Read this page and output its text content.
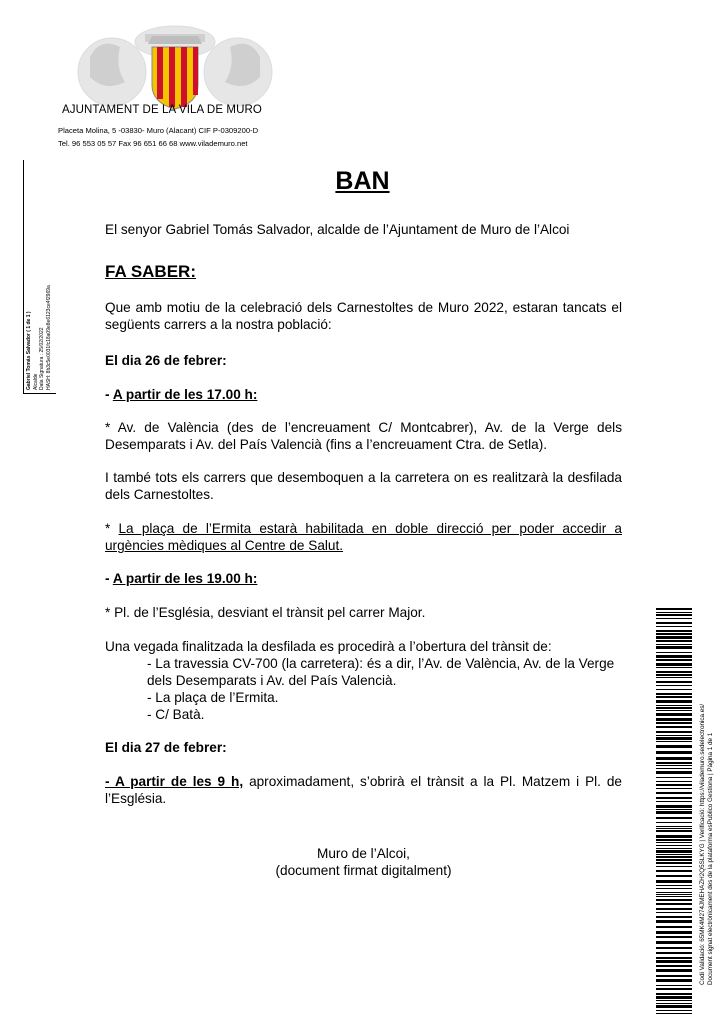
AJUNTAMENT DE LA VILA DE MURO
Placeta Molina, 5 -03830- Muro (Alacant) CIF P-0309200-D
Tel. 96 553 05 57 Fax 96 651 66 68 www.vilademuro.net
Gabriel Tomás Salvador ( 1 de 1 ) Alcalde Data Signatura : 25/02/2022 HASH: 8b3c5e0031fc18a09e8e6123ce4f2969a
BAN
El senyor Gabriel Tomás Salvador, alcalde de l’Ajuntament de Muro de l’Alcoi
FA SABER:
Que amb motiu de la celebració dels Carnestoltes de Muro 2022, estaran tancats el següents carrers a la nostra població:
El dia 26 de febrer:
- A partir de les 17.00 h:
* Av. de València (des de l’encreuament C/ Montcabrer), Av. de la Verge dels Desemparats i Av. del País Valencià (fins a l’encreuament Ctra. de Setla).
I també tots els carrers que desemboquen a la carretera on es realitzarà la desfilada dels Carnestoltes.
* La plaça de l’Ermita estarà habilitada en doble direcció per poder accedir a urgències mèdiques al Centre de Salut.
- A partir de les 19.00 h:
* Pl. de l’Església, desviant el trànsit pel carrer Major.
Una vegada finalitzada la desfilada es procedirà a l’obertura del trànsit de:
- La travessia CV-700 (la carretera): és a dir, l’Av. de València, Av. de la Verge dels Desemparats i Av. del País Valencià.
- La plaça de l’Ermita.
- C/ Batà.
El dia 27 de febrer:
- A partir de les 9 h, aproximadament, s’obrirà el trànsit a la Pl. Matzem i Pl. de l’Església.
Muro de l’Alcoi,
(document firmat digitalment)	Codi Validació: 65MK4M274JMEHAZH2Q5SLKYG | Verificació: https://vilademuro.sedelectronica.es/ Document signat electrònicament des de la plataforma esPublico Gestiona | Pàgina 1 de 1
